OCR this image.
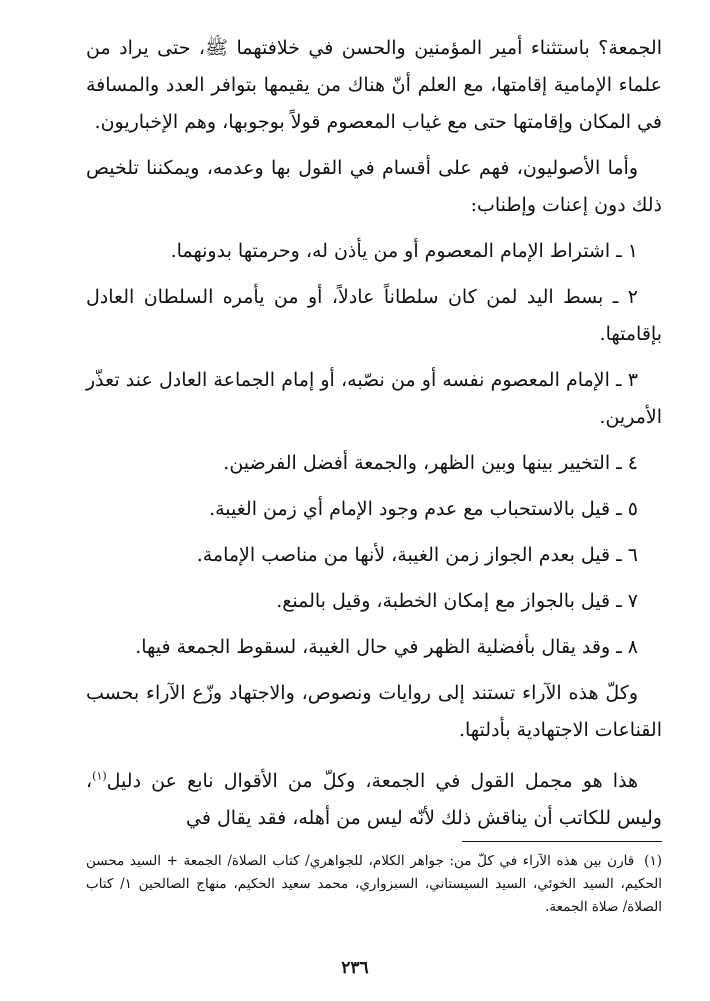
الجمعة؟ باستثناء أمير المؤمنين والحسن في خلافتهما ﷺ، حتى يراد من علماء الإمامية إقامتها، مع العلم أنّ هناك من يقيمها بتوافر العدد والمسافة في المكان وإقامتها حتى مع غياب المعصوم قولاً بوجوبها، وهم الإخباريون.

وأما الأصوليون، فهم على أقسام في القول بها وعدمه، ويمكننا تلخيص ذلك دون إعنات وإطناب:

١ ـ اشتراط الإمام المعصوم أو من يأذن له، وحرمتها بدونهما.

٢ ـ بسط اليد لمن كان سلطاناً عادلاً، أو من يأمره السلطان العادل بإقامتها.

٣ ـ الإمام المعصوم نفسه أو من نصّبه، أو إمام الجماعة العادل عند تعذّر الأمرين.

٤ ـ التخيير بينها وبين الظهر، والجمعة أفضل الفرضين.

٥ ـ قيل بالاستحباب مع عدم وجود الإمام أي زمن الغيبة.

٦ ـ قيل بعدم الجواز زمن الغيبة، لأنها من مناصب الإمامة.

٧ ـ قيل بالجواز مع إمكان الخطبة، وقيل بالمنع.

٨ ـ وقد يقال بأفضلية الظهر في حال الغيبة، لسقوط الجمعة فيها.

وكلّ هذه الآراء تستند إلى روايات ونصوص، والاجتهاد وزّع الآراء بحسب القناعات الاجتهادية بأدلتها.

هذا هو مجمل القول في الجمعة، وكلّ من الأقوال نابع عن دليل$^{(١)}$، وليس للكاتب أن يناقش ذلك لأنّه ليس من أهله، فقد يقال في

(١)قارن بين هذه الآراء في كلّ من: جواهر الكلام، للجواهري/ كتاب الصلاة/ الجمعة + السيد محسن الحكيم، السيد الخوئي، السيد السيستاني، السبزواري، محمد سعيد الحكيم، منهاج الصالحين ١/ كتاب الصلاة/ صلاة الجمعة.
٢٣٦
